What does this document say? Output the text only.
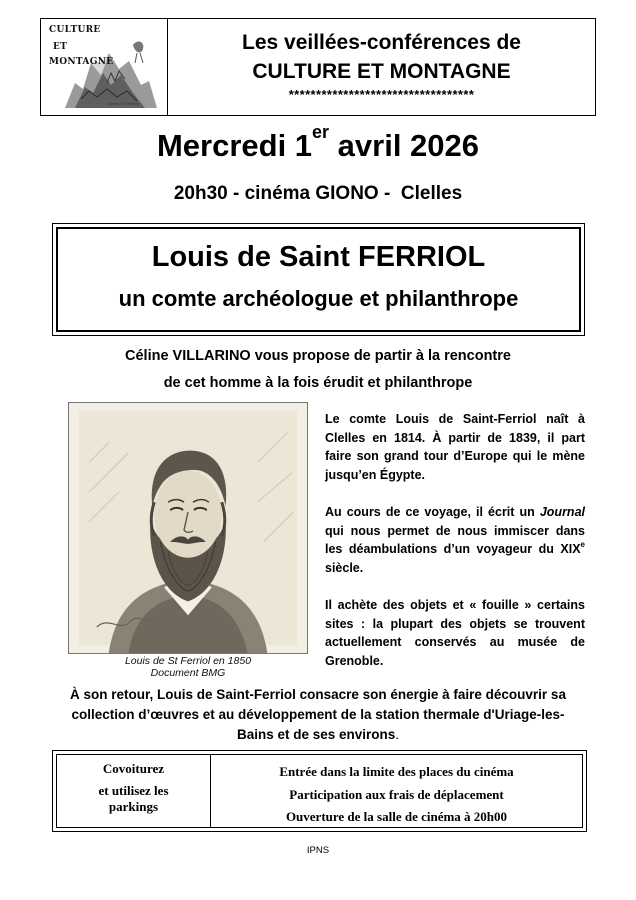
CULTURE
ET
MONTAGNE
Clelles en Trièves
Les veillées-conférences de
CULTURE ET MONTAGNE
**********************************
Mercredi 1er avril 2026
20h30 - cinéma GIONO -  Clelles
Louis de Saint FERRIOL
un comte archéologue et philanthrope
Céline VILLARINO vous propose de partir à la rencontre
de cet homme à la fois érudit et philanthrope
Louis de St Ferriol en 1850
Document BMG

Le comte Louis de Saint-Ferriol naît à Clelles en 1814. À partir de 1839, il part faire son grand tour d’Europe qui le mène jusqu’en Égypte.

Au cours de ce voyage, il écrit un Journal qui nous permet de nous immiscer dans les déambulations d’un voyageur du XIXe siècle.

Il achète des objets et « fouille » certains sites : la plupart des objets se trouvent actuellement conservés au musée de Grenoble.

À son retour, Louis de Saint-Ferriol consacre son énergie à faire découvrir sa collection d’œuvres et au développement de la station thermale d'Uriage-les-Bains et de ses environs.
Covoiturez
et utilisez les
parkings
Entrée dans la limite des places du cinéma
Participation aux frais de déplacement
Ouverture de la salle de cinéma à 20h00
IPNS
